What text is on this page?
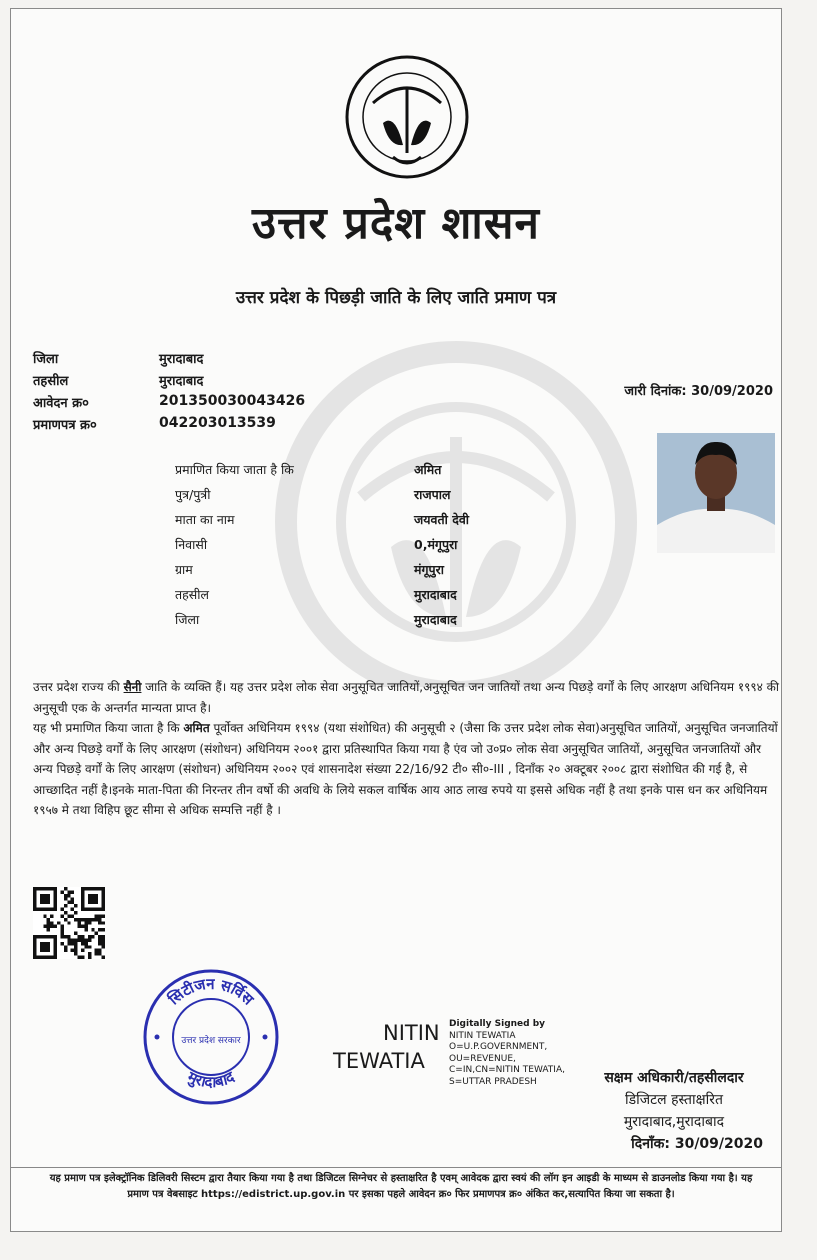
उत्तर प्रदेश शासन
उत्तर प्रदेश के पिछड़ी जाति के लिए जाति प्रमाण पत्र
जिला	मुरादाबाद
तहसील	मुरादाबाद
आवेदन क्र०	201350030043426
प्रमाणपत्र क्र०	042203013539
जारी दिनांक: 30/09/2020
प्रमाणित किया जाता है कि	अमित
पुत्र/पुत्री	राजपाल
माता का नाम	जयवती देवी
निवासी	0,मंगूपुरा
ग्राम	मंगूपुरा
तहसील	मुरादाबाद
जिला	मुरादाबाद

उत्तर प्रदेश राज्य की सैनी जाति के व्यक्ति हैं। यह उत्तर प्रदेश लोक सेवा अनुसूचित जातियों,अनुसूचित जन जातियों तथा अन्य पिछड़े वर्गों के लिए आरक्षण अधिनियम १९९४ की अनुसूची एक के अन्तर्गत मान्यता प्राप्त है।

यह भी प्रमाणित किया जाता है कि अमित पूर्वोक्त अधिनियम १९९४ (यथा संशोधित) की अनुसूची २ (जैसा कि उत्तर प्रदेश लोक सेवा)अनुसूचित जातियों, अनुसूचित जनजातियों और अन्य पिछड़े वर्गों के लिए आरक्षण (संशोधन) अधिनियम २००१ द्वारा प्रतिस्थापित किया गया है एंव जो उ०प्र० लोक सेवा अनुसूचित जातियों, अनुसूचित जनजातियों और अन्य पिछड़े वर्गों के लिए आरक्षण (संशोधन) अधिनियम २००२ एवं शासनादेश संख्या 22/16/92 टी० सी०-III , दिनाँक २० अक्टूबर २००८ द्वारा संशोधित की गई है, से आच्छादित नहीं है।इनके माता-पिता की निरन्तर तीन वर्षो की अवधि के लिये सकल वार्षिक आय आठ लाख रुपये या इससे अधिक नहीं है तथा इनके पास धन कर अधिनियम १९५७ मे तथा विहिप छूट सीमा से अधिक सम्पत्ति नहीं है ।

सिटीजन सर्विस
मुरादाबाद
उत्तर प्रदेश सरकार	NITIN
TEWATIA
Digitally Signed by
NITIN TEWATIA O=U.P.GOVERNMENT, OU=REVENUE, C=IN,CN=NITIN TEWATIA, S=UTTAR PRADESH	सक्षम अधिकारी/तहसीलदार
डिजिटल हस्ताक्षरित
मुरादाबाद,मुरादाबाद
दिनाँक: 30/09/2020
यह प्रमाण पत्र इलेक्ट्रॉनिक डिलिवरी सिस्टम द्वारा तैयार किया गया है तथा डिजिटल सिग्नेचर से हस्ताक्षरित है एवम् आवेदक द्वारा स्वयं की लॉग इन आइडी के माध्यम से डाउनलोड किया गया है। यह प्रमाण पत्र वेबसाइट https://edistrict.up.gov.in पर इसका पहले आवेदन क्र० फिर प्रमाणपत्र क्र० अंकित कर,सत्यापित किया जा सकता है।
